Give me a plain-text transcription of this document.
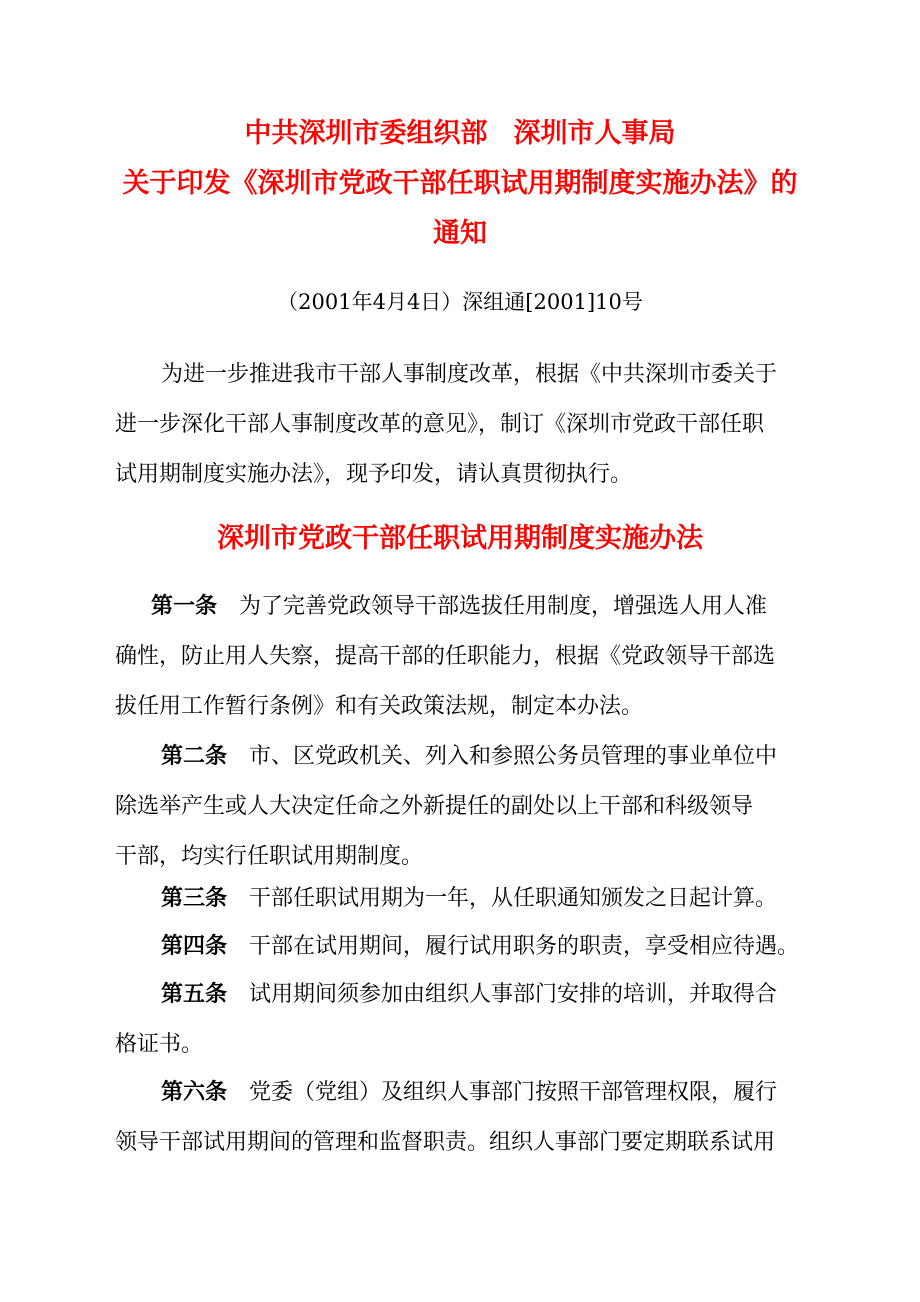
中共深圳市委组织部 深圳市人事局
关于印发《深圳市党政干部任职试用期制度实施办法》的
通知
（2001年4月4日）深组通[2001]10号
为进一步推进我市干部人事制度改革，根据《中共深圳市委关于
进一步深化干部人事制度改革的意见》，制订《深圳市党政干部任职
试用期制度实施办法》，现予印发，请认真贯彻执行。
深圳市党政干部任职试用期制度实施办法
第一条 为了完善党政领导干部选拔任用制度，增强选人用人准
确性，防止用人失察，提高干部的任职能力，根据《党政领导干部选
拔任用工作暂行条例》和有关政策法规，制定本办法。
第二条 市、区党政机关、列入和参照公务员管理的事业单位中
除选举产生或人大决定任命之外新提任的副处以上干部和科级领导
干部，均实行任职试用期制度。
第三条 干部任职试用期为一年，从任职通知颁发之日起计算。
第四条 干部在试用期间，履行试用职务的职责，享受相应待遇。
第五条 试用期间须参加由组织人事部门安排的培训，并取得合
格证书。
第六条 党委（党组）及组织人事部门按照干部管理权限，履行
领导干部试用期间的管理和监督职责。组织人事部门要定期联系试用
